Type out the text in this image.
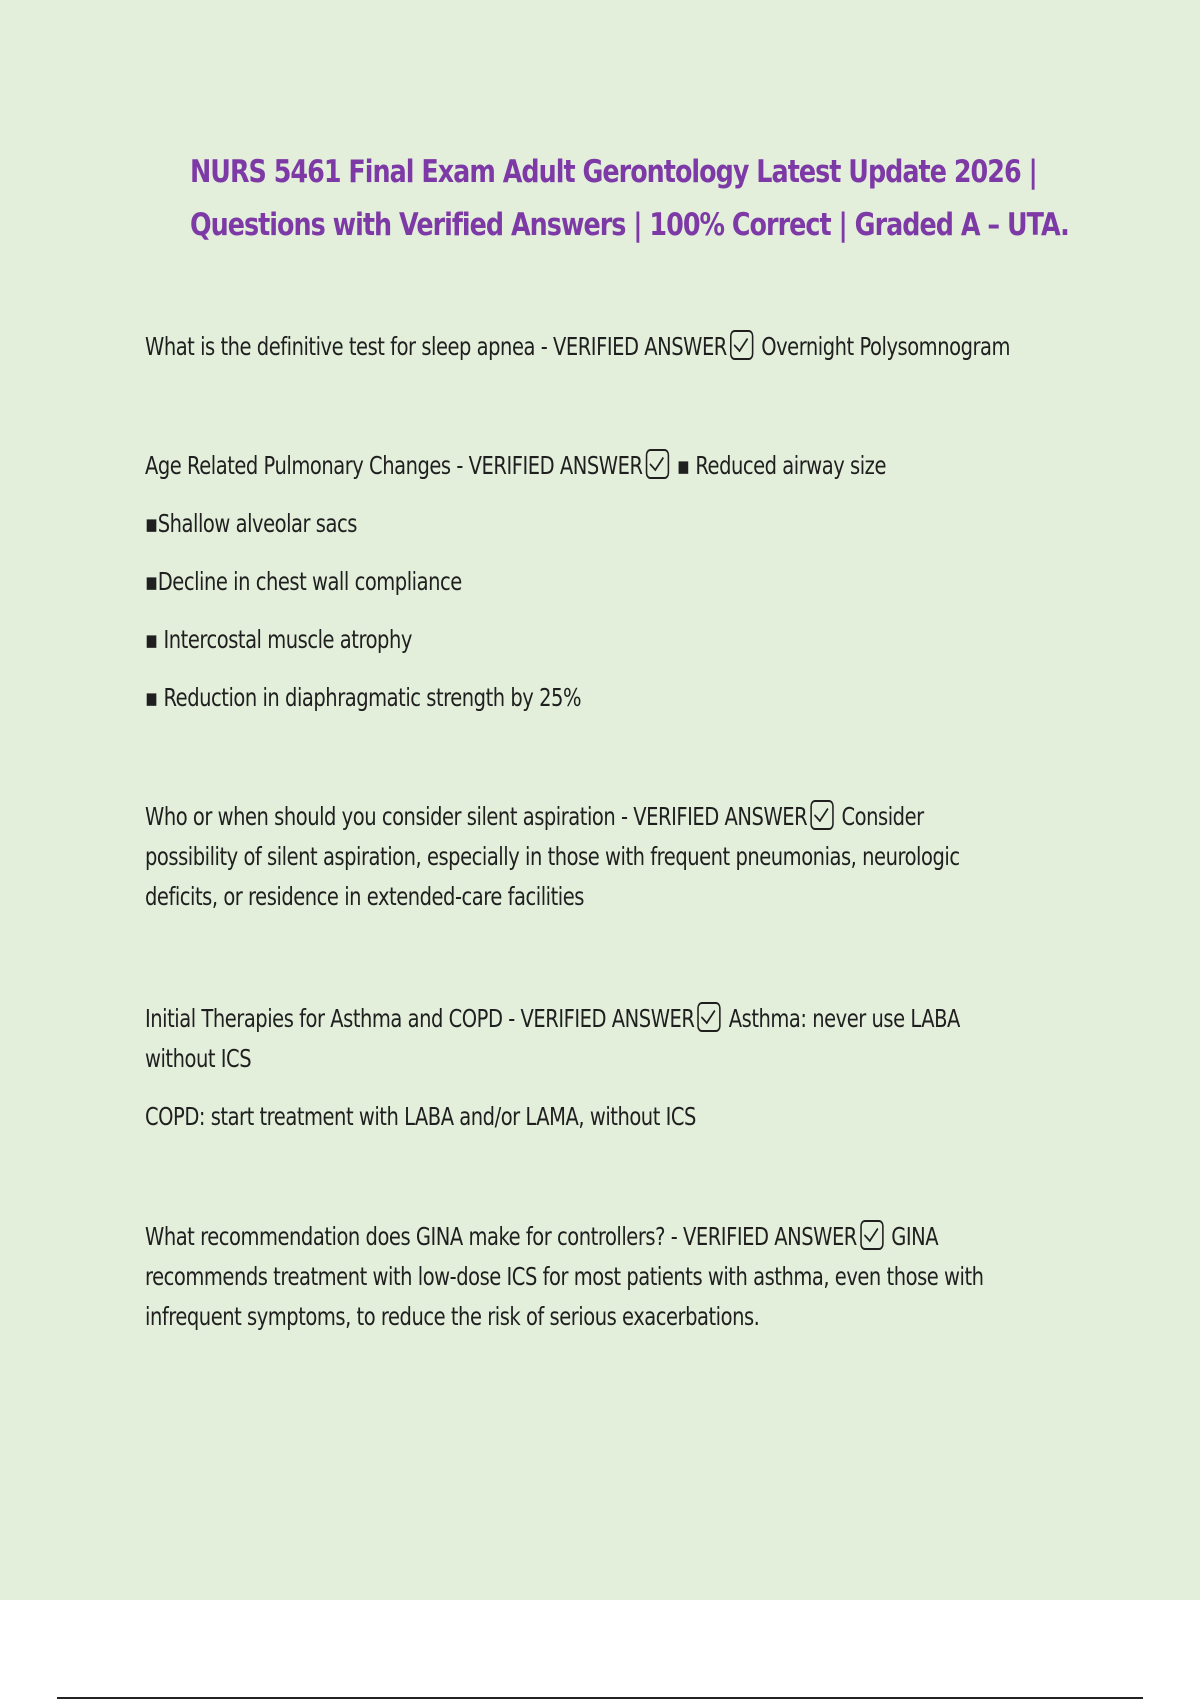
NURS 5461 Final Exam Adult Gerontology Latest Update 2026 |
Questions with Verified Answers | 100% Correct | Graded A – UTA.
What is the definitive test for sleep apnea - VERIFIED ANSWER Overnight Polysomnogram
Age Related Pulmonary Changes - VERIFIED ANSWER ▪ Reduced airway size
▪Shallow alveolar sacs
▪Decline in chest wall compliance
▪ Intercostal muscle atrophy
▪ Reduction in diaphragmatic strength by 25%
Who or when should you consider silent aspiration - VERIFIED ANSWER Consider
possibility of silent aspiration, especially in those with frequent pneumonias, neurologic
deficits, or residence in extended-care facilities
Initial Therapies for Asthma and COPD - VERIFIED ANSWER Asthma: never use LABA
without ICS
COPD: start treatment with LABA and/or LAMA, without ICS
What recommendation does GINA make for controllers? - VERIFIED ANSWER GINA
recommends treatment with low-dose ICS for most patients with asthma, even those with
infrequent symptoms, to reduce the risk of serious exacerbations.
